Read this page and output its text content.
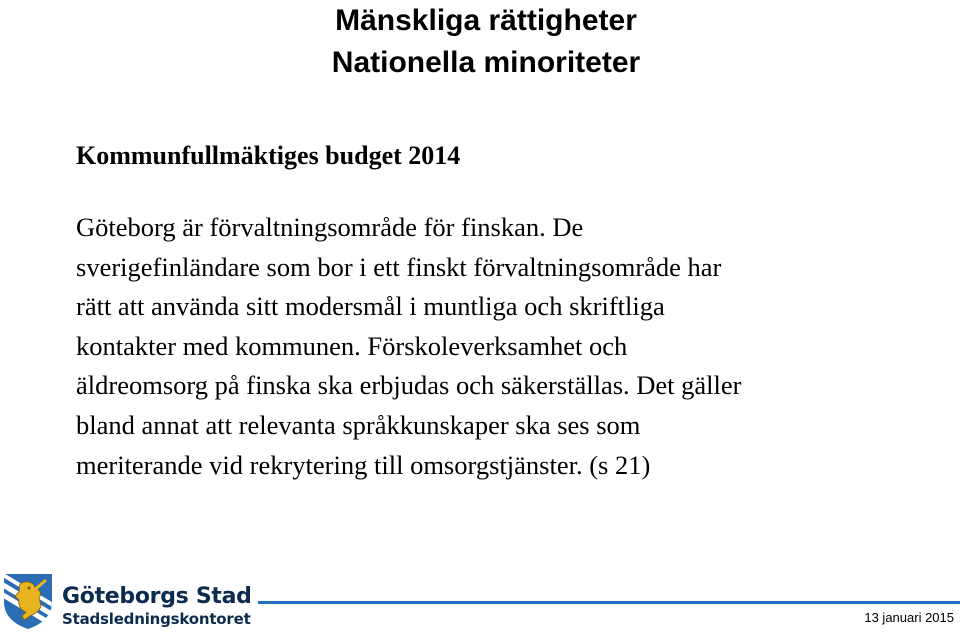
Mänskliga rättigheter
Nationella minoriteter
Kommunfullmäktiges budget 2014
Göteborg är förvaltningsområde för finskan. De
sverigefinländare som bor i ett finskt förvaltningsområde har
rätt att använda sitt modersmål i muntliga och skriftliga
kontakter med kommunen. Förskoleverksamhet och
äldreomsorg på finska ska erbjudas och säkerställas. Det gäller
bland annat att relevanta språkkunskaper ska ses som
meriterande vid rekrytering till omsorgstjänster. (s 21)
Göteborgs Stad
Stadsledningskontoret	13 januari 2015
